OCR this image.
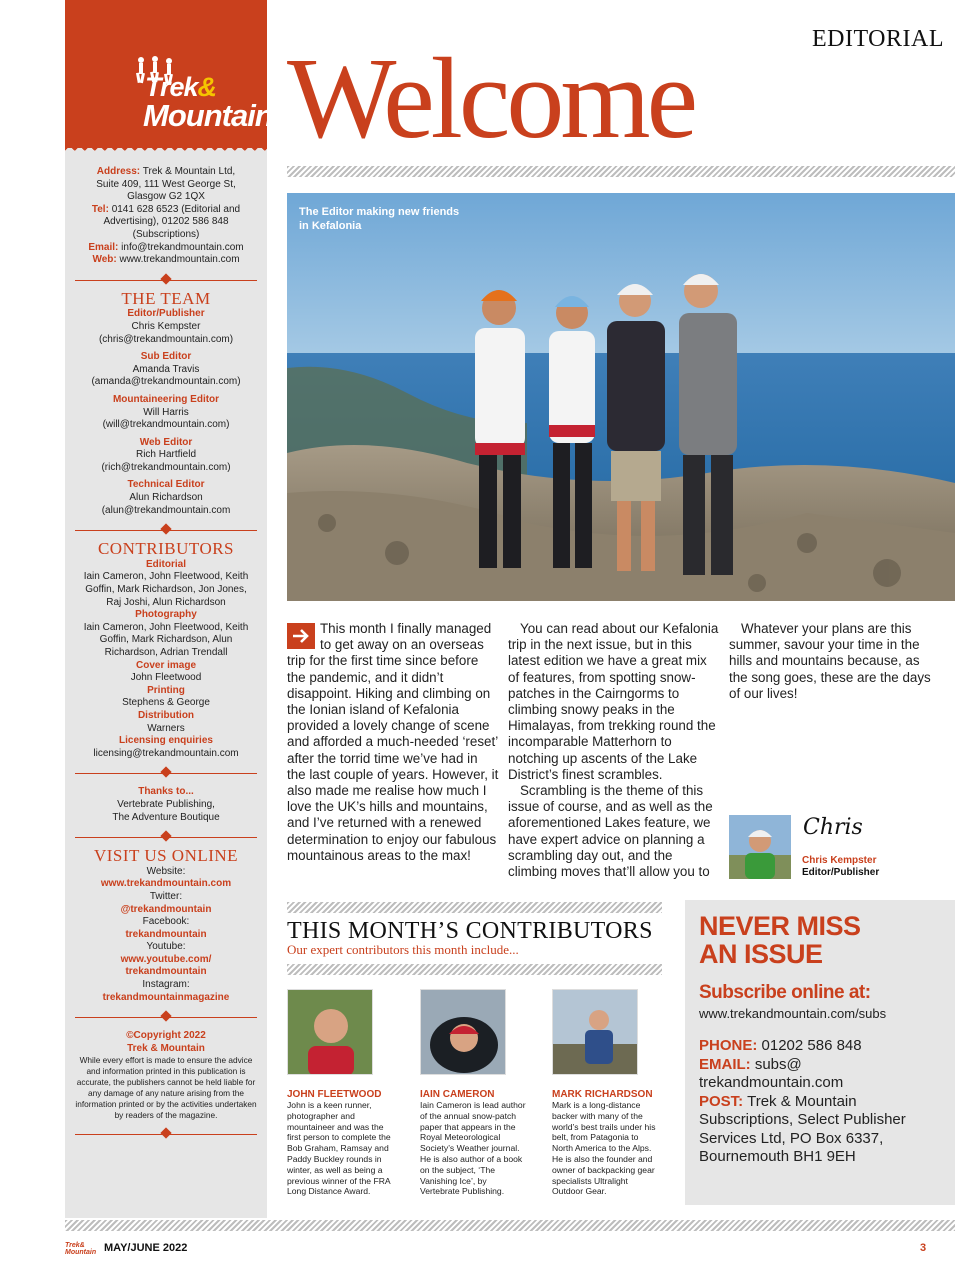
Trek&
Mountain
Address: Trek & Mountain Ltd, Suite 409, 111 West George St, Glasgow G2 1QX
Tel: 0141 628 6523 (Editorial and Advertising), 01202 586 848 (Subscriptions)
Email: info@trekandmountain.com
Web: www.trekandmountain.com
THE TEAM
Editor/Publisher
Chris Kempster
(chris@trekandmountain.com)
Sub Editor
Amanda Travis
(amanda@trekandmountain.com)
Mountaineering Editor
Will Harris
(will@trekandmountain.com)
Web Editor
Rich Hartfield
(rich@trekandmountain.com)
Technical Editor
Alun Richardson
(alun@trekandmountain.com
CONTRIBUTORS
Editorial
Iain Cameron, John Fleetwood, Keith Goffin, Mark Richardson, Jon Jones, Raj Joshi, Alun Richardson
Photography
Iain Cameron, John Fleetwood, Keith Goffin, Mark Richardson, Alun Richardson, Adrian Trendall
Cover image
John Fleetwood
Printing
Stephens & George
Distribution
Warners
Licensing enquiries
licensing@trekandmountain.com
Thanks to...
Vertebrate Publishing,
The Adventure Boutique
VISIT US ONLINE
Website:
www.trekandmountain.com
Twitter:
@trekandmountain
Facebook:
trekandmountain
Youtube:
www.youtube.com/ trekandmountain
Instagram:
trekandmountainmagazine
©Copyright 2022
Trek & Mountain
While every effort is made to ensure the advice and information printed in this publication is accurate, the publishers cannot be held liable for any damage of any nature arising from the information printed or by the activities undertaken by readers of the magazine.
EDITORIAL
Welcome
The Editor making new friends in Kefalonia

This month I finally managed to get away on an overseas trip for the first time since before the pandemic, and it didn’t disappoint. Hiking and climbing on the Ionian island of Kefalonia provided a lovely change of scene and afforded a much-needed ‘reset’ after the torrid time we’ve had in the last couple of years. However, it also made me realise how much I love the UK’s hills and mountains, and I’ve returned with a renewed determination to enjoy our fabulous mountainous areas to the max!

You can read about our Kefalonia trip in the next issue, but in this latest edition we have a great mix of features, from spotting snow-patches in the Cairngorms to climbing snowy peaks in the Himalayas, from trekking round the incomparable Matterhorn to notching up ascents of the Lake District’s finest scrambles.

Scrambling is the theme of this issue of course, and as well as the aforementioned Lakes feature, we have expert advice on planning a scrambling day out, and the climbing moves that’ll allow you to

Whatever your plans are this summer, savour your time in the hills and mountains because, as the song goes, these are the days of our lives!

Chris
Chris Kempster
Editor/Publisher
THIS MONTH’S CONTRIBUTORS
Our expert contributors this month include...
JOHN FLEETWOOD
John is a keen runner, photographer and mountaineer and was the first person to complete the Bob Graham, Ramsay and Paddy Buckley rounds in winter, as well as being a previous winner of the FRA Long Distance Award.
IAIN CAMERON
Iain Cameron is lead author of the annual snow-patch paper that appears in the Royal Meteorological Society’s Weather journal. He is also author of a book on the subject, ‘The Vanishing Ice’, by Vertebrate Publishing.
MARK RICHARDSON
Mark is a long-distance backer with many of the world’s best trails under his belt, from Patagonia to North America to the Alps. He is also the founder and owner of backpacking gear specialists Ultralight Outdoor Gear.
NEVER MISS
AN ISSUE
Subscribe online at:
www.trekandmountain.com/subs
PHONE: 01202 586 848
EMAIL: subs@ trekandmountain.com
POST: Trek & Mountain Subscriptions, Select Publisher Services Ltd, PO Box 6337, Bournemouth BH1 9EH
Trek&
Mountain MAY/JUNE 2022	3
